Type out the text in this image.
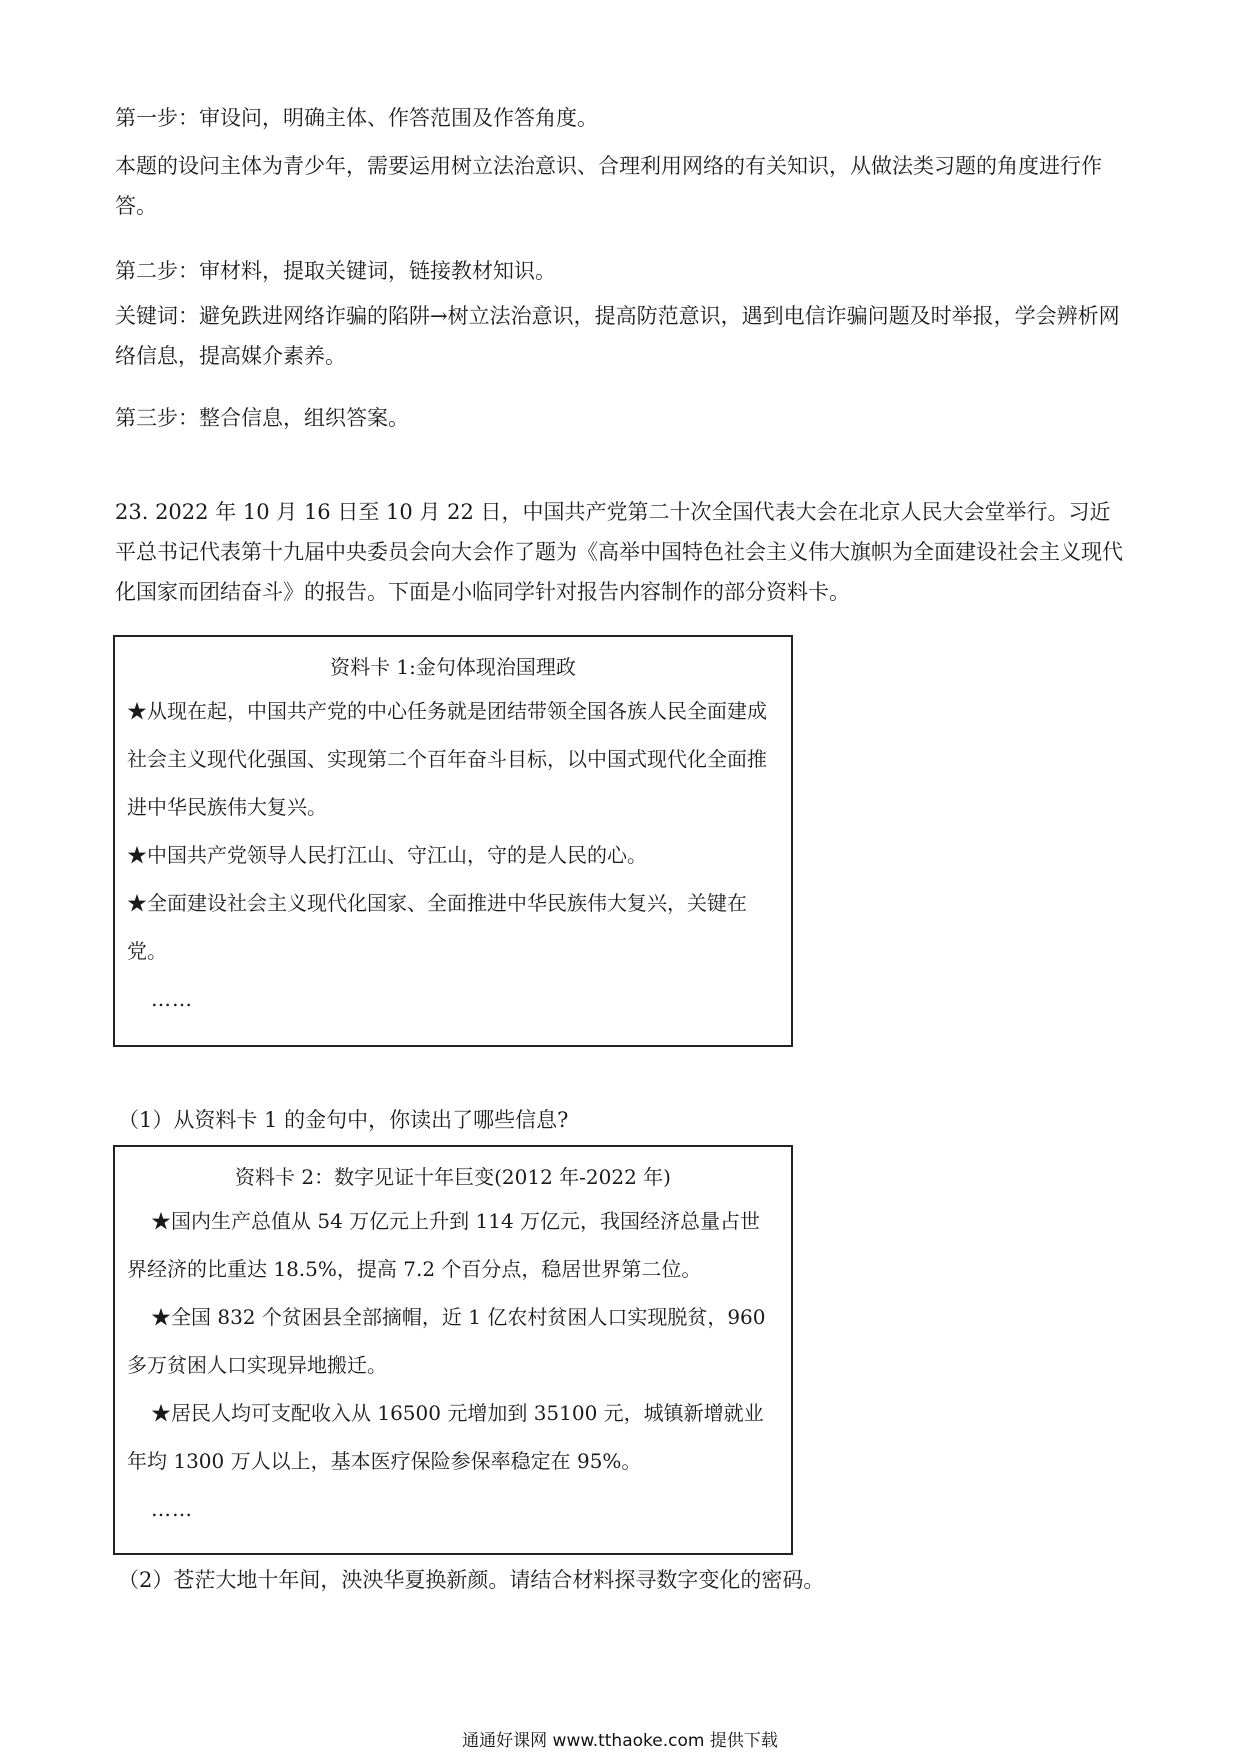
第一步：审设问，明确主体、作答范围及作答角度。

本题的设问主体为青少年，需要运用树立法治意识、合理利用网络的有关知识，从做法类习题的角度进行作答。

第二步：审材料，提取关键词，链接教材知识。

关键词：避免跌进网络诈骗的陷阱→树立法治意识，提高防范意识，遇到电信诈骗问题及时举报，学会辨析网络信息，提高媒介素养。

第三步：整合信息，组织答案。

23. 2022 年 10 月 16 日至 10 月 22 日，中国共产党第二十次全国代表大会在北京人民大会堂举行。习近平总书记代表第十九届中央委员会向大会作了题为《高举中国特色社会主义伟大旗帜为全面建设社会主义现代化国家而团结奋斗》的报告。下面是小临同学针对报告内容制作的部分资料卡。

资料卡 1:金句体现治国理政

★从现在起，中国共产党的中心任务就是团结带领全国各族人民全面建成社会主义现代化强国、实现第二个百年奋斗目标，以中国式现代化全面推进中华民族伟大复兴。

★中国共产党领导人民打江山、守江山，守的是人民的心。

★全面建设社会主义现代化国家、全面推进中华民族伟大复兴，关键在党。

……

（1）从资料卡 1 的金句中，你读出了哪些信息?

资料卡 2：数字见证十年巨变(2012 年-2022 年)

★国内生产总值从 54 万亿元上升到 114 万亿元，我国经济总量占世界经济的比重达 18.5%，提高 7.2 个百分点，稳居世界第二位。

★全国 832 个贫困县全部摘帽，近 1 亿农村贫困人口实现脱贫，960 多万贫困人口实现异地搬迁。

★居民人均可支配收入从 16500 元增加到 35100 元，城镇新增就业年均 1300 万人以上，基本医疗保险参保率稳定在 95%。

……

（2）苍茫大地十年间，泱泱华夏换新颜。请结合材料探寻数字变化的密码。

通通好课网 www.tthaoke.com 提供下载
